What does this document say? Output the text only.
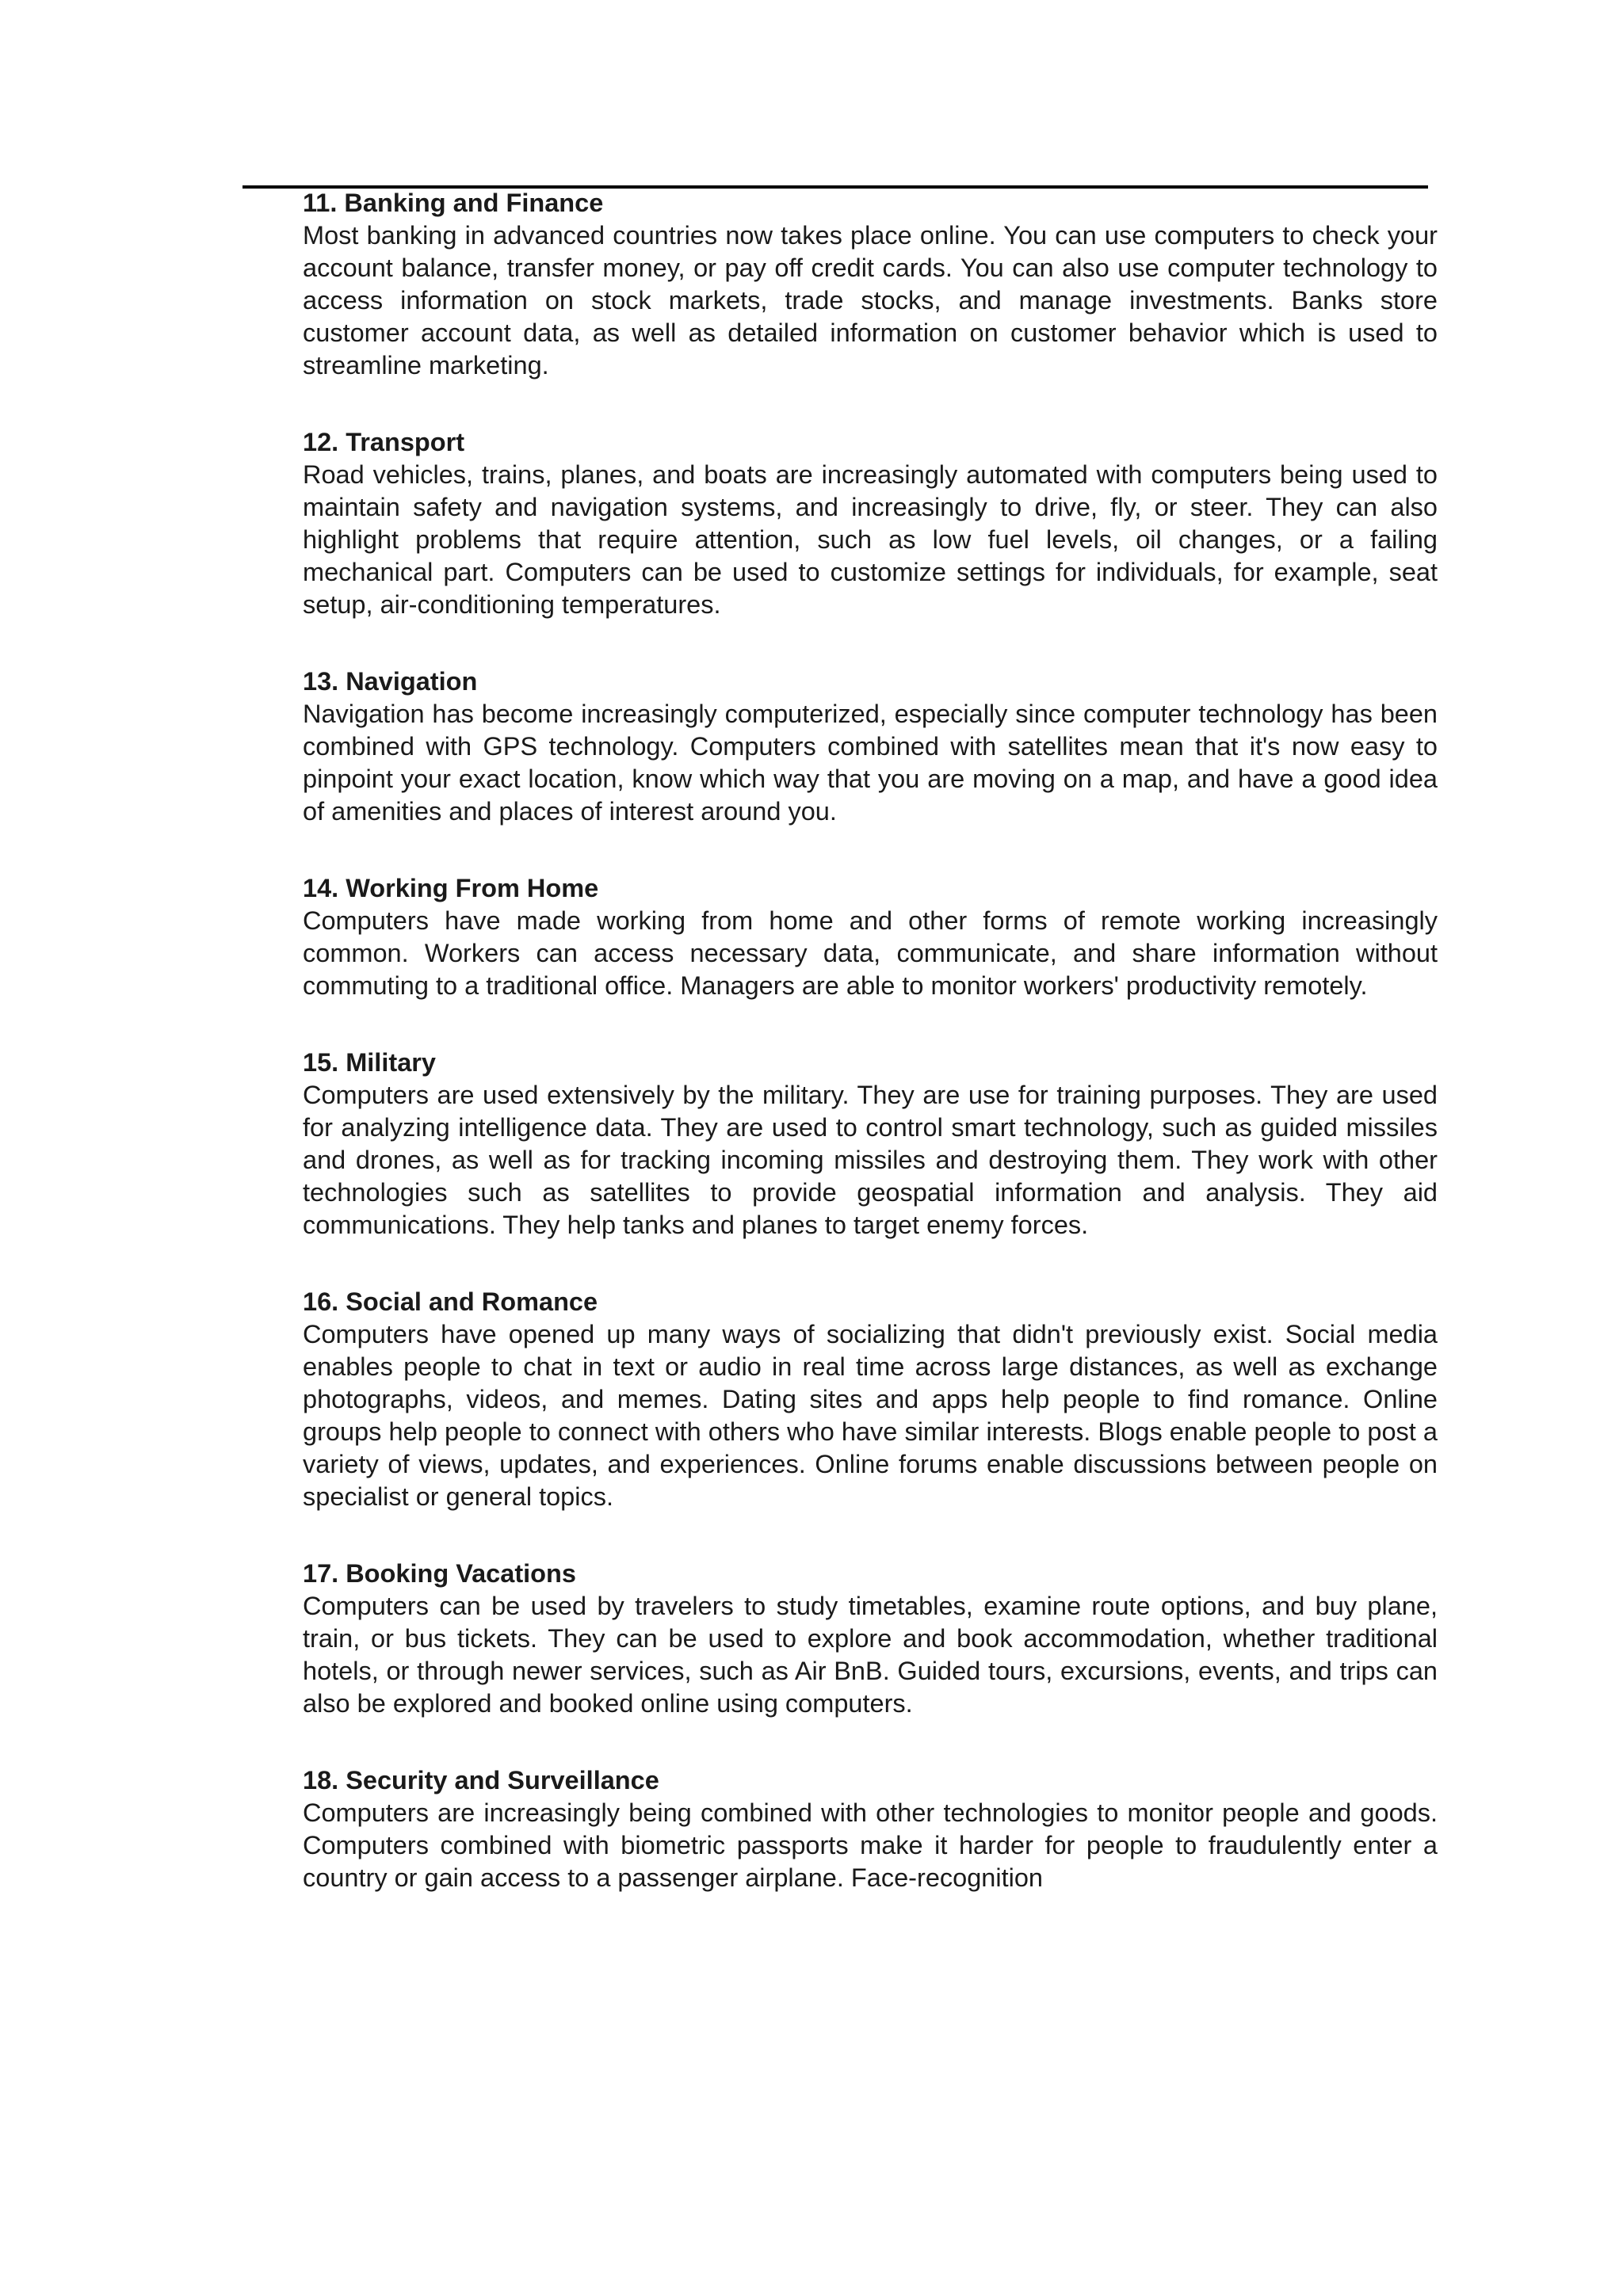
11. Banking and Finance

Most banking in advanced countries now takes place online. You can use computers to check your account balance, transfer money, or pay off credit cards. You can also use computer technology to access information on stock markets, trade stocks, and manage investments. Banks store customer account data, as well as detailed information on customer behavior which is used to streamline marketing.

12. Transport

Road vehicles, trains, planes, and boats are increasingly automated with computers being used to maintain safety and navigation systems, and increasingly to drive, fly, or steer. They can also highlight problems that require attention, such as low fuel levels, oil changes, or a failing mechanical part. Computers can be used to customize settings for individuals, for example, seat setup, air-conditioning temperatures.

13. Navigation

Navigation has become increasingly computerized, especially since computer technology has been combined with GPS technology. Computers combined with satellites mean that it's now easy to pinpoint your exact location, know which way that you are moving on a map, and have a good idea of amenities and places of interest around you.

14. Working From Home

Computers have made working from home and other forms of remote working increasingly common. Workers can access necessary data, communicate, and share information without commuting to a traditional office. Managers are able to monitor workers' productivity remotely.

15. Military

Computers are used extensively by the military. They are use for training purposes. They are used for analyzing intelligence data. They are used to control smart technology, such as guided missiles and drones, as well as for tracking incoming missiles and destroying them. They work with other technologies such as satellites to provide geospatial information and analysis. They aid communications. They help tanks and planes to target enemy forces.

16. Social and Romance

Computers have opened up many ways of socializing that didn't previously exist. Social media enables people to chat in text or audio in real time across large distances, as well as exchange photographs, videos, and memes. Dating sites and apps help people to find romance. Online groups help people to connect with others who have similar interests. Blogs enable people to post a variety of views, updates, and experiences. Online forums enable discussions between people on specialist or general topics.

17. Booking Vacations

Computers can be used by travelers to study timetables, examine route options, and buy plane, train, or bus tickets. They can be used to explore and book accommodation, whether traditional hotels, or through newer services, such as Air BnB. Guided tours, excursions, events, and trips can also be explored and booked online using computers.

18. Security and Surveillance

Computers are increasingly being combined with other technologies to monitor people and goods. Computers combined with biometric passports make it harder for people to fraudulently enter a country or gain access to a passenger airplane. Face-recognition
